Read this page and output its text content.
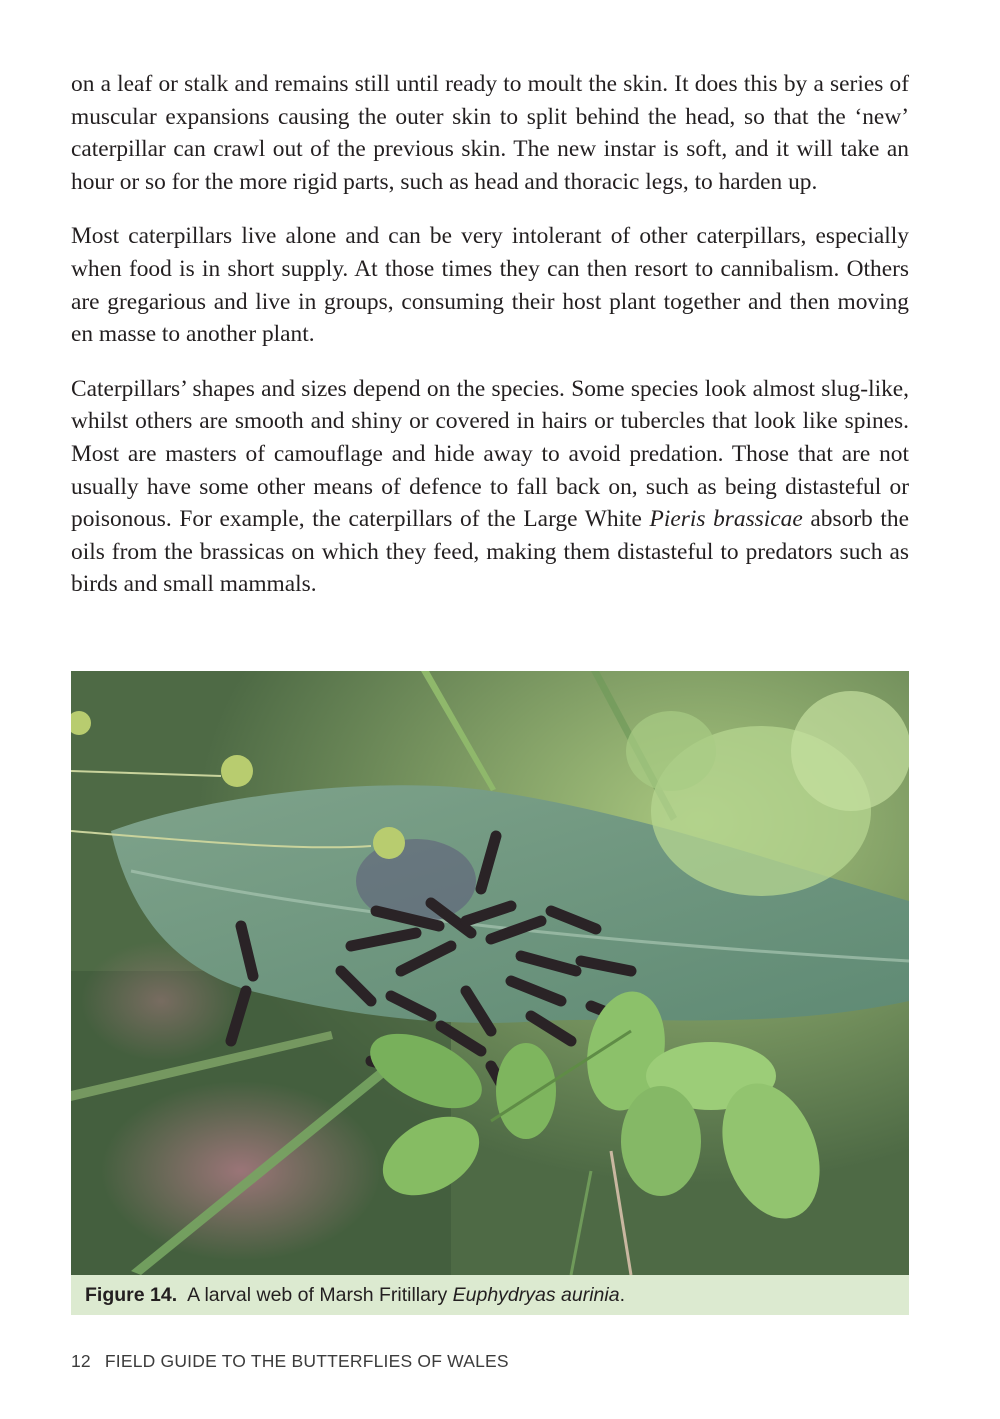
on a leaf or stalk and remains still until ready to moult the skin. It does this by a series of muscular expansions causing the outer skin to split behind the head, so that the ‘new’ caterpillar can crawl out of the previous skin. The new instar is soft, and it will take an hour or so for the more rigid parts, such as head and thoracic legs, to harden up.

Most caterpillars live alone and can be very intolerant of other caterpillars, especially when food is in short supply. At those times they can then resort to cannibalism. Others are gregarious and live in groups, consuming their host plant together and then moving en masse to another plant.

Caterpillars’ shapes and sizes depend on the species. Some species look almost slug-like, whilst others are smooth and shiny or covered in hairs or tubercles that look like spines. Most are masters of camouflage and hide away to avoid predation. Those that are not usually have some other means of defence to fall back on, such as being distasteful or poisonous. For example, the caterpillars of the Large White Pieris brassicae absorb the oils from the brassicas on which they feed, making them distasteful to predators such as birds and small mammals.

Figure 14. A larval web of Marsh Fritillary Euphydryas aurinia.
12 FIELD GUIDE TO THE BUTTERFLIES OF WALES
